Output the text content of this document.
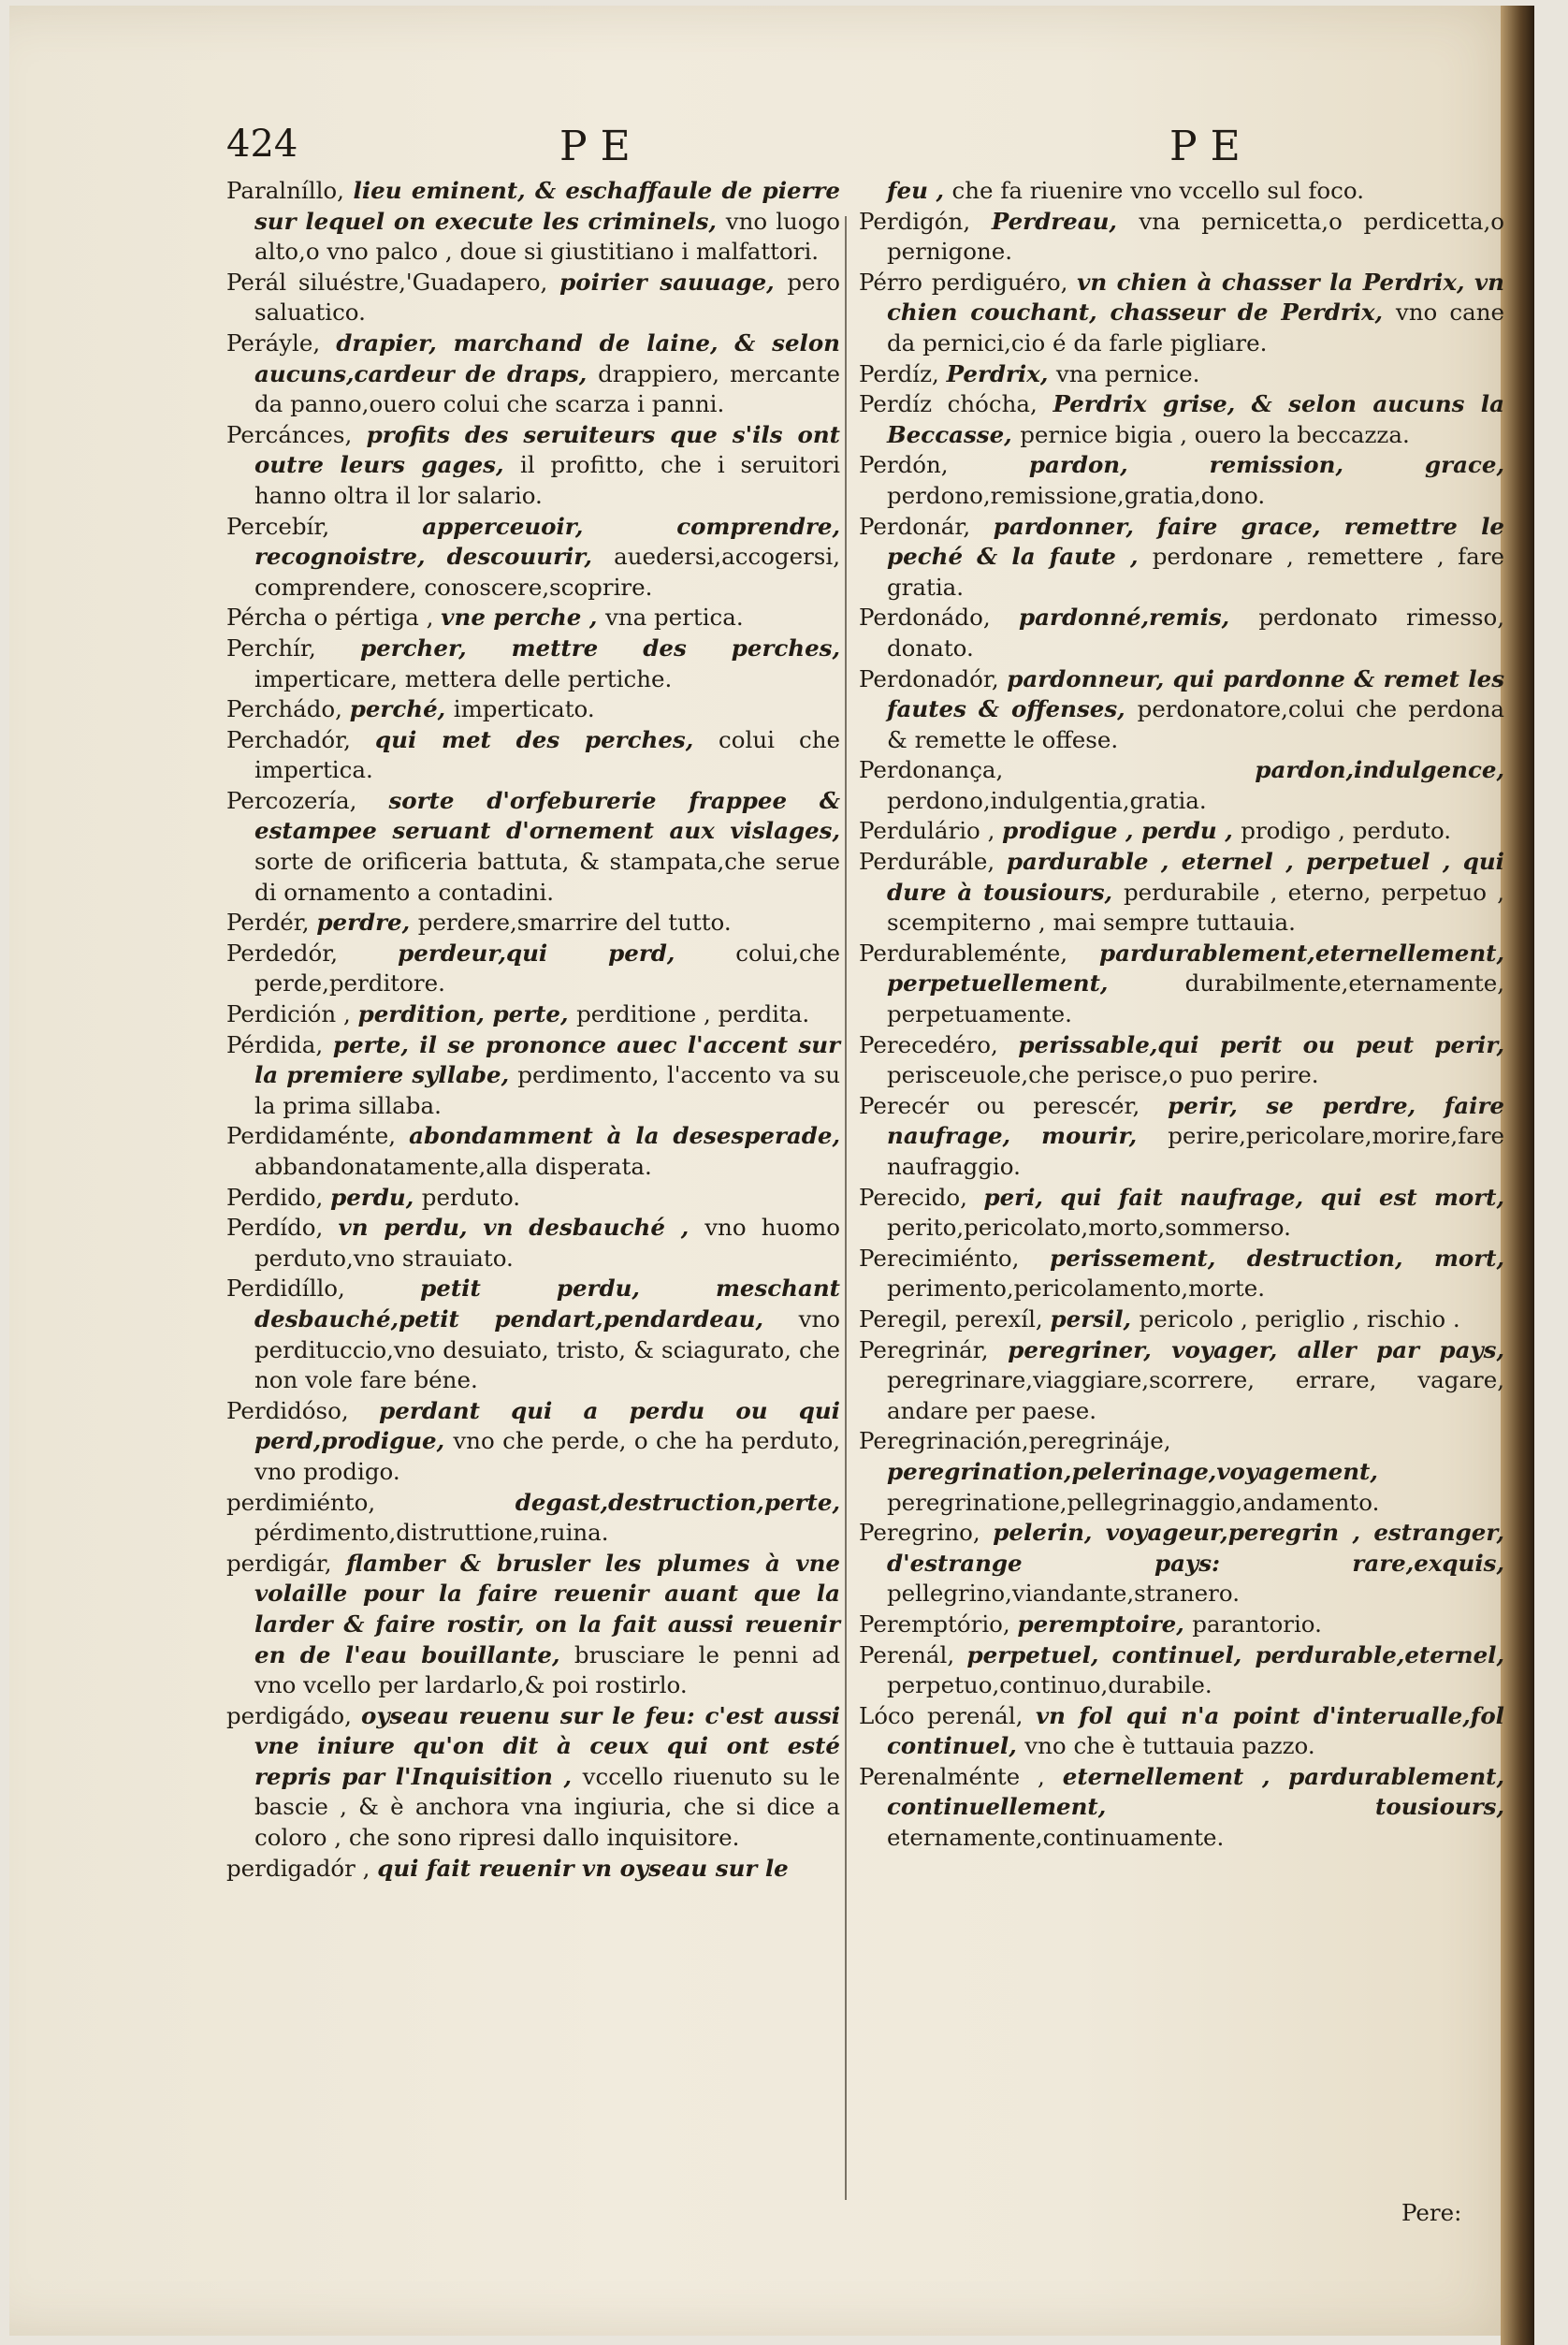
424	PE	PE

Paralníllo, lieu eminent, & eschaffaule de pierre sur lequel on execute les criminels, vno luogo alto,o vno palco , doue si giustitiano i malfattori.

Perál siluéstre,'Guadapero, poirier sauuage, pero saluatico.

Peráyle, drapier, marchand de laine, & selon aucuns,cardeur de draps, drappiero, mercante da panno,ouero colui che scarza i panni.

Percánces, profits des seruiteurs que s'ils ont outre leurs gages, il profitto, che i seruitori hanno oltra il lor salario.

Percebír, apperceuoir, comprendre, recognoistre, descouurir, auedersi,accogersi, comprendere, conoscere,scoprire.

Pércha o pértiga , vne perche , vna pertica.

Perchír, percher, mettre des perches, imperticare, mettera delle pertiche.

Perchádo, perché, imperticato.

Perchadór, qui met des perches, colui che impertica.

Percozería, sorte d'orfeburerie frappee & estampee seruant d'ornement aux vislages, sorte de orificeria battuta, & stampata,che serue di ornamento a contadini.

Perdér, perdre, perdere,smarrire del tutto.

Perdedór, perdeur,qui perd, colui,che perde,perditore.

Perdición , perdition, perte, perditione , perdita.

Pérdida, perte, il se prononce auec l'accent sur la premiere syllabe, perdimento, l'accento va su la prima sillaba.

Perdidaménte, abondamment à la desesperade, abbandonatamente,alla disperata.

Perdido, perdu, perduto.

Perdído, vn perdu, vn desbauché , vno huomo perduto,vno strauiato.

Perdidíllo, petit perdu, meschant desbauché,petit pendart,pendardeau, vno perdituccio,vno desuiato, tristo, & sciagurato, che non vole fare béne.

Perdidóso, perdant qui a perdu ou qui perd,prodigue, vno che perde, o che ha perduto, vno prodigo.

perdimiénto, degast,destruction,perte, pérdimento,distruttione,ruina.

perdigár, flamber & brusler les plumes à vne volaille pour la faire reuenir auant que la larder & faire rostir, on la fait aussi reuenir en de l'eau bouillante, brusciare le penni ad vno vcello per lardarlo,& poi rostirlo.

perdigádo, oyseau reuenu sur le feu: c'est aussi vne iniure qu'on dit à ceux qui ont esté repris par l'Inquisition , vccello riuenuto su le bascie , & è anchora vna ingiuria, che si dice a coloro , che sono ripresi dallo inquisitore.

perdigadór , qui fait reuenir vn oyseau sur le

feu , che fa riuenire vno vccello sul foco.

Perdigón, Perdreau, vna pernicetta,o perdicetta,o pernigone.

Pérro perdiguéro, vn chien à chasser la Perdrix, vn chien couchant, chasseur de Perdrix, vno cane da pernici,cio é da farle pigliare.

Perdíz, Perdrix, vna pernice.

Perdíz chócha, Perdrix grise, & selon aucuns la Beccasse, pernice bigia , ouero la beccazza.

Perdón, pardon, remission, grace, perdono,remissione,gratia,dono.

Perdonár, pardonner, faire grace, remettre le peché & la faute , perdonare , remettere , fare gratia.

Perdonádo, pardonné,remis, perdonato rimesso, donato.

Perdonadór, pardonneur, qui pardonne & remet les fautes & offenses, perdonatore,colui che perdona & remette le offese.

Perdonança, pardon,indulgence, perdono,indulgentia,gratia.

Perdulário , prodigue , perdu , prodigo , perduto.

Perduráble, pardurable , eternel , perpetuel , qui dure à tousiours, perdurabile , eterno, perpetuo , scempiterno , mai sempre tuttauia.

Perdurableménte, pardurablement,eternellement, perpetuellement, durabilmente,eternamente, perpetuamente.

Perecedéro, perissable,qui perit ou peut perir, perisceuole,che perisce,o puo perire.

Perecér ou perescér, perir, se perdre, faire naufrage, mourir, perire,pericolare,morire,fare naufraggio.

Perecido, peri, qui fait naufrage, qui est mort, perito,pericolato,morto,sommerso.

Perecimiénto, perissement, destruction, mort, perimento,pericolamento,morte.

Peregil, perexíl, persil, pericolo , periglio , rischio .

Peregrinár, peregriner, voyager, aller par pays, peregrinare,viaggiare,scorrere, errare, vagare, andare per paese.

Peregrinación,peregrináje, peregrination,pelerinage,voyagement, peregrinatione,pellegrinaggio,andamento.

Peregrino, pelerin, voyageur,peregrin , estranger, d'estrange pays: rare,exquis, pellegrino,viandante,stranero.

Peremptório, peremptoire, parantorio.

Perenál, perpetuel, continuel, perdurable,eternel, perpetuo,continuo,durabile.

Lóco perenál, vn fol qui n'a point d'interualle,fol continuel, vno che è tuttauia pazzo.

Perenalménte , eternellement , pardurablement, continuellement, tousiours, eternamente,continuamente.

Pere:
